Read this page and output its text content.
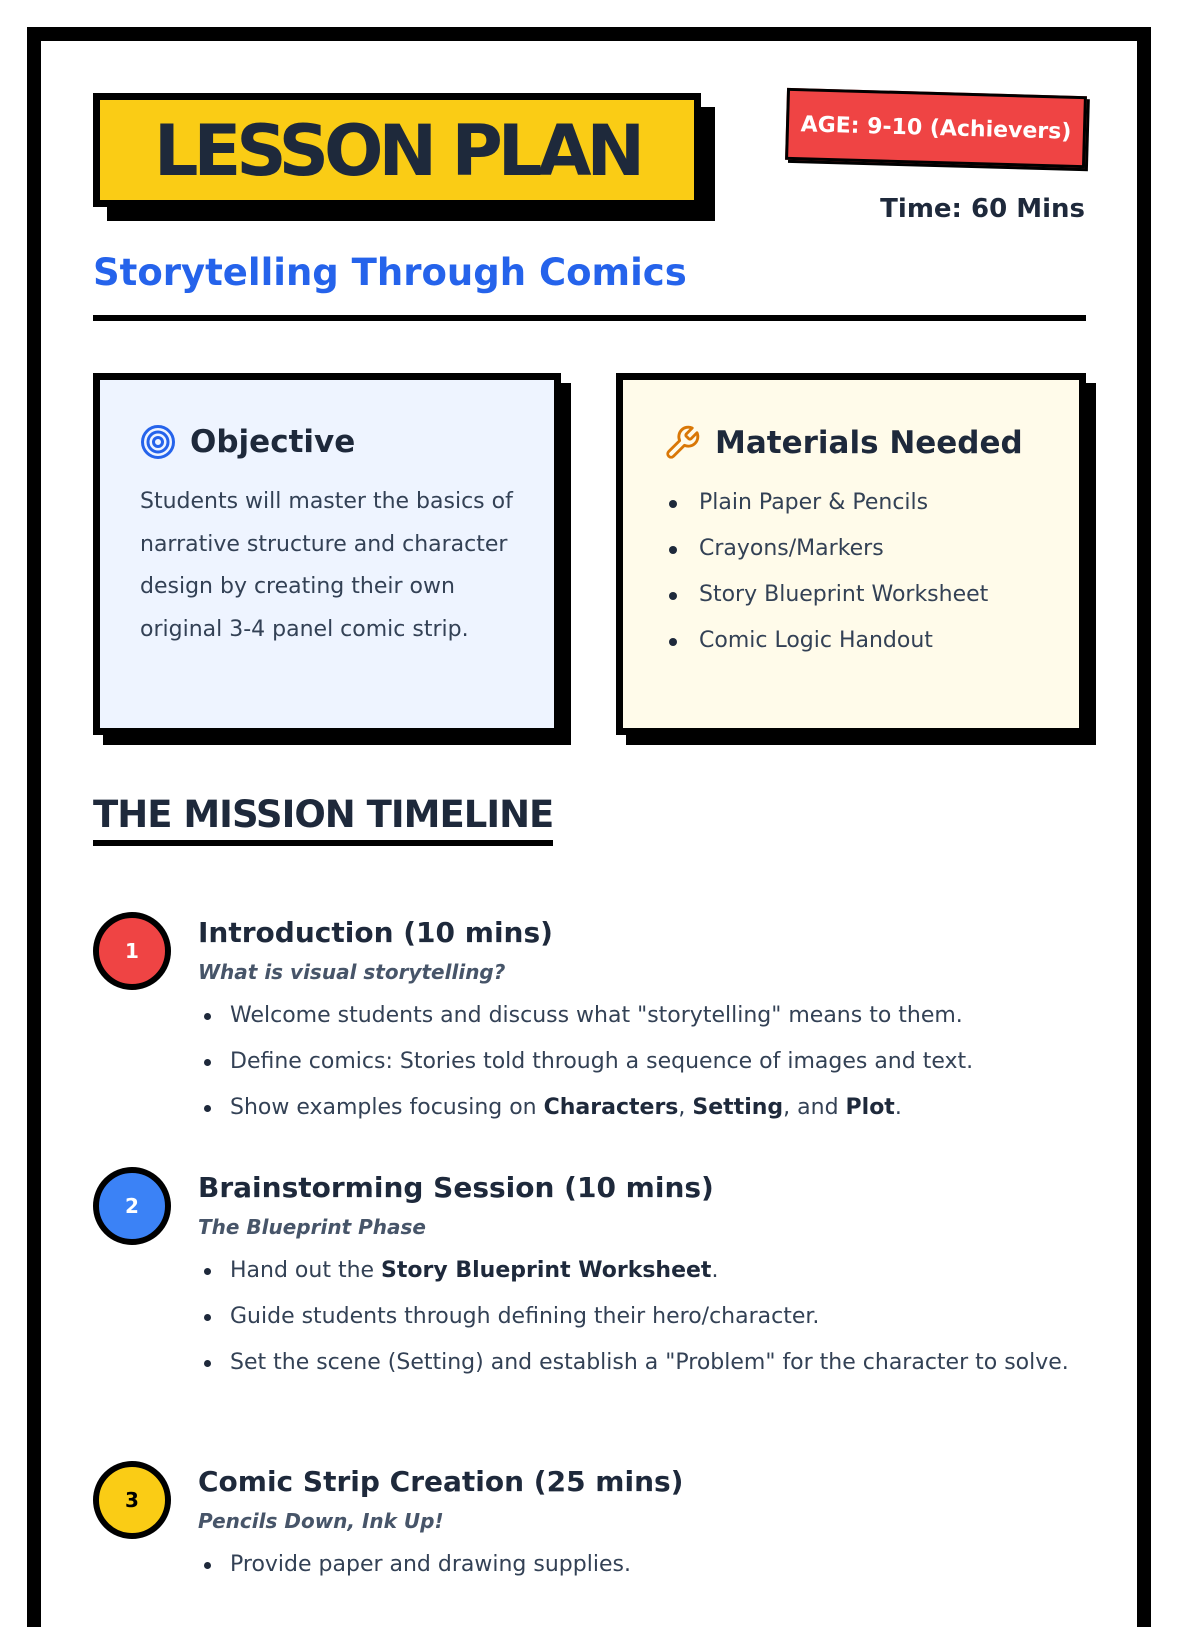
LESSON PLAN	AGE: 9-10 (Achievers)
Time: 60 Mins
Storytelling Through Comics
Objective
Students will master the basics of narrative structure and character design by creating their own original 3-4 panel comic strip.
Materials Needed
Plain Paper & Pencils
Crayons/Markers
Story Blueprint Worksheet
Comic Logic Handout
THE MISSION TIMELINE
1
Introduction (10 mins)
What is visual storytelling?
Welcome students and discuss what "storytelling" means to them.
Define comics: Stories told through a sequence of images and text.
Show examples focusing on Characters, Setting, and Plot.
2
Brainstorming Session (10 mins)
The Blueprint Phase
Hand out the Story Blueprint Worksheet.
Guide students through defining their hero/character.
Set the scene (Setting) and establish a "Problem" for the character to solve.
3
Comic Strip Creation (25 mins)
Pencils Down, Ink Up!
Provide paper and drawing supplies.
